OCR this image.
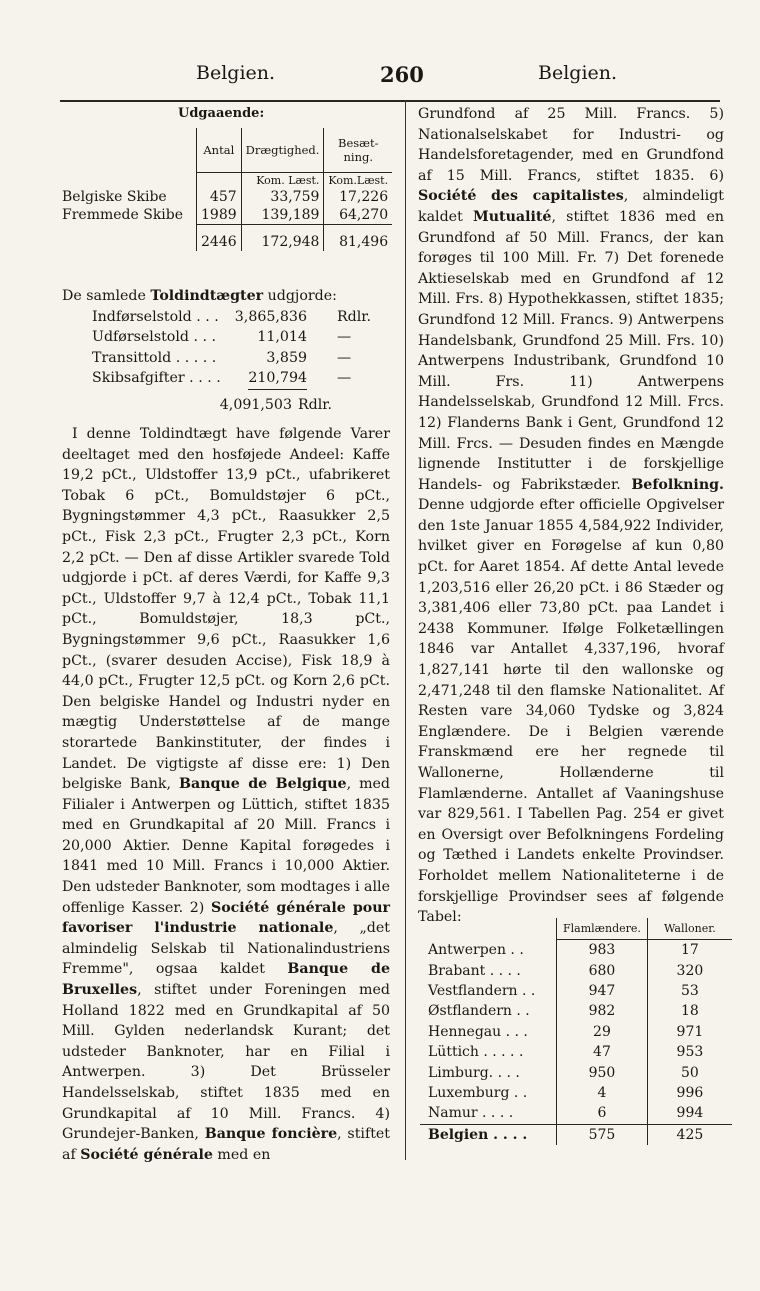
Belgien.	260	Belgien.
Udgaaende:
	Antal	Drægtighed.	Besæt-ning.
		Kom. Læst.	Kom.Læst.
Belgiske Skibe	457	33,759	17,226
Fremmede Skibe	1989	139,189	64,270

	2446	172,948	81,496
De samlede Toldindtægter udgjorde:
Indførselstold . . . 3,865,836 Rdlr.
Udførselstold . . .	11,014 —
Transittold . . . . .	3,859 —
Skibsafgifter . . . . 210,794 —
4,091,503 Rdlr.

I denne Toldindtægt have følgende Varer deeltaget med den hosføjede Andeel: Kaffe 19,2 pCt., Uldstoffer 13,9 pCt., ufabrikeret Tobak 6 pCt., Bomuldstøjer 6 pCt., Bygningstømmer 4,3 pCt., Raasukker 2,5 pCt., Fisk 2,3 pCt., Frugter 2,3 pCt., Korn 2,2 pCt. — Den af disse Artikler svarede Told udgjorde i pCt. af deres Værdi, for Kaffe 9,3 pCt., Uldstoffer 9,7 à 12,4 pCt., Tobak 11,1 pCt., Bomuldstøjer, 18,3 pCt., Bygningstømmer 9,6 pCt., Raasukker 1,6 pCt., (svarer desuden Accise), Fisk 18,9 à 44,0 pCt., Frugter 12,5 pCt. og Korn 2,6 pCt. Den belgiske Handel og Industri nyder en mægtig Understøttelse af de mange storartede Bankinstituter, der findes i Landet. De vigtigste af disse ere: 1) Den belgiske Bank, Banque de Belgique, med Filialer i Antwerpen og Lüttich, stiftet 1835 med en Grundkapital af 20 Mill. Francs i 20,000 Aktier. Denne Kapital forøgedes i 1841 med 10 Mill. Francs i 10,000 Aktier. Den udsteder Banknoter, som modtages i alle offenlige Kasser. 2) Société générale pour favoriser l'industrie nationale, „det almindelig Selskab til Nationalindustriens Fremme", ogsaa kaldet Banque de Bruxelles, stiftet under Foreningen med Holland 1822 med en Grundkapital af 50 Mill. Gylden nederlandsk Kurant; det udsteder Banknoter, har en Filial i Antwerpen. 3) Det Brüsseler Handelsselskab, stiftet 1835 med en Grundkapital af 10 Mill. Francs. 4) Grundejer-Banken, Banque foncière, stiftet af Société générale med en

Grundfond af 25 Mill. Francs. 5) Nationalselskabet for Industri- og Handelsforetagender, med en Grundfond af 15 Mill. Francs, stiftet 1835. 6) Société des capitalistes, almindeligt kaldet Mutualité, stiftet 1836 med en Grundfond af 50 Mill. Francs, der kan forøges til 100 Mill. Fr. 7) Det forenede Aktieselskab med en Grundfond af 12 Mill. Frs. 8) Hypothekkassen, stiftet 1835; Grundfond 12 Mill. Francs. 9) Antwerpens Handelsbank, Grundfond 25 Mill. Frs. 10) Antwerpens Industribank, Grundfond 10 Mill. Frs. 11) Antwerpens Handelsselskab, Grundfond 12 Mill. Frcs. 12) Flanderns Bank i Gent, Grundfond 12 Mill. Frcs. — Desuden findes en Mængde lignende Institutter i de forskjellige Handels- og Fabrikstæder. Befolkning. Denne udgjorde efter officielle Opgivelser den 1ste Januar 1855 4,584,922 Individer, hvilket giver en Forøgelse af kun 0,80 pCt. for Aaret 1854. Af dette Antal levede 1,203,516 eller 26,20 pCt. i 86 Stæder og 3,381,406 eller 73,80 pCt. paa Landet i 2438 Kommuner. Ifølge Folketællingen 1846 var Antallet 4,337,196, hvoraf 1,827,141 hørte til den wallonske og 2,471,248 til den flamske Nationalitet. Af Resten vare 34,060 Tydske og 3,824 Englændere. De i Belgien værende Franskmænd ere her regnede til Wallonerne, Hollænderne til Flamlænderne. Antallet af Vaaningshuse var 829,561. I Tabellen Pag. 254 er givet en Oversigt over Befolkningens Fordeling og Tæthed i Landets enkelte Provindser. Forholdet mellem Nationaliteterne i de forskjellige Provindser sees af følgende Tabel:

	Flamlændere.	Walloner.
Antwerpen . .	983	17
Brabant . . . .	680	320
Vestflandern . .	947	53
Østflandern . .	982	18
Hennegau . . .	29	971
Lüttich . . . . .	47	953
Limburg. . . .	950	50
Luxemburg . .	4	996
Namur . . . .	6	994
Belgien . . . .	575	425
